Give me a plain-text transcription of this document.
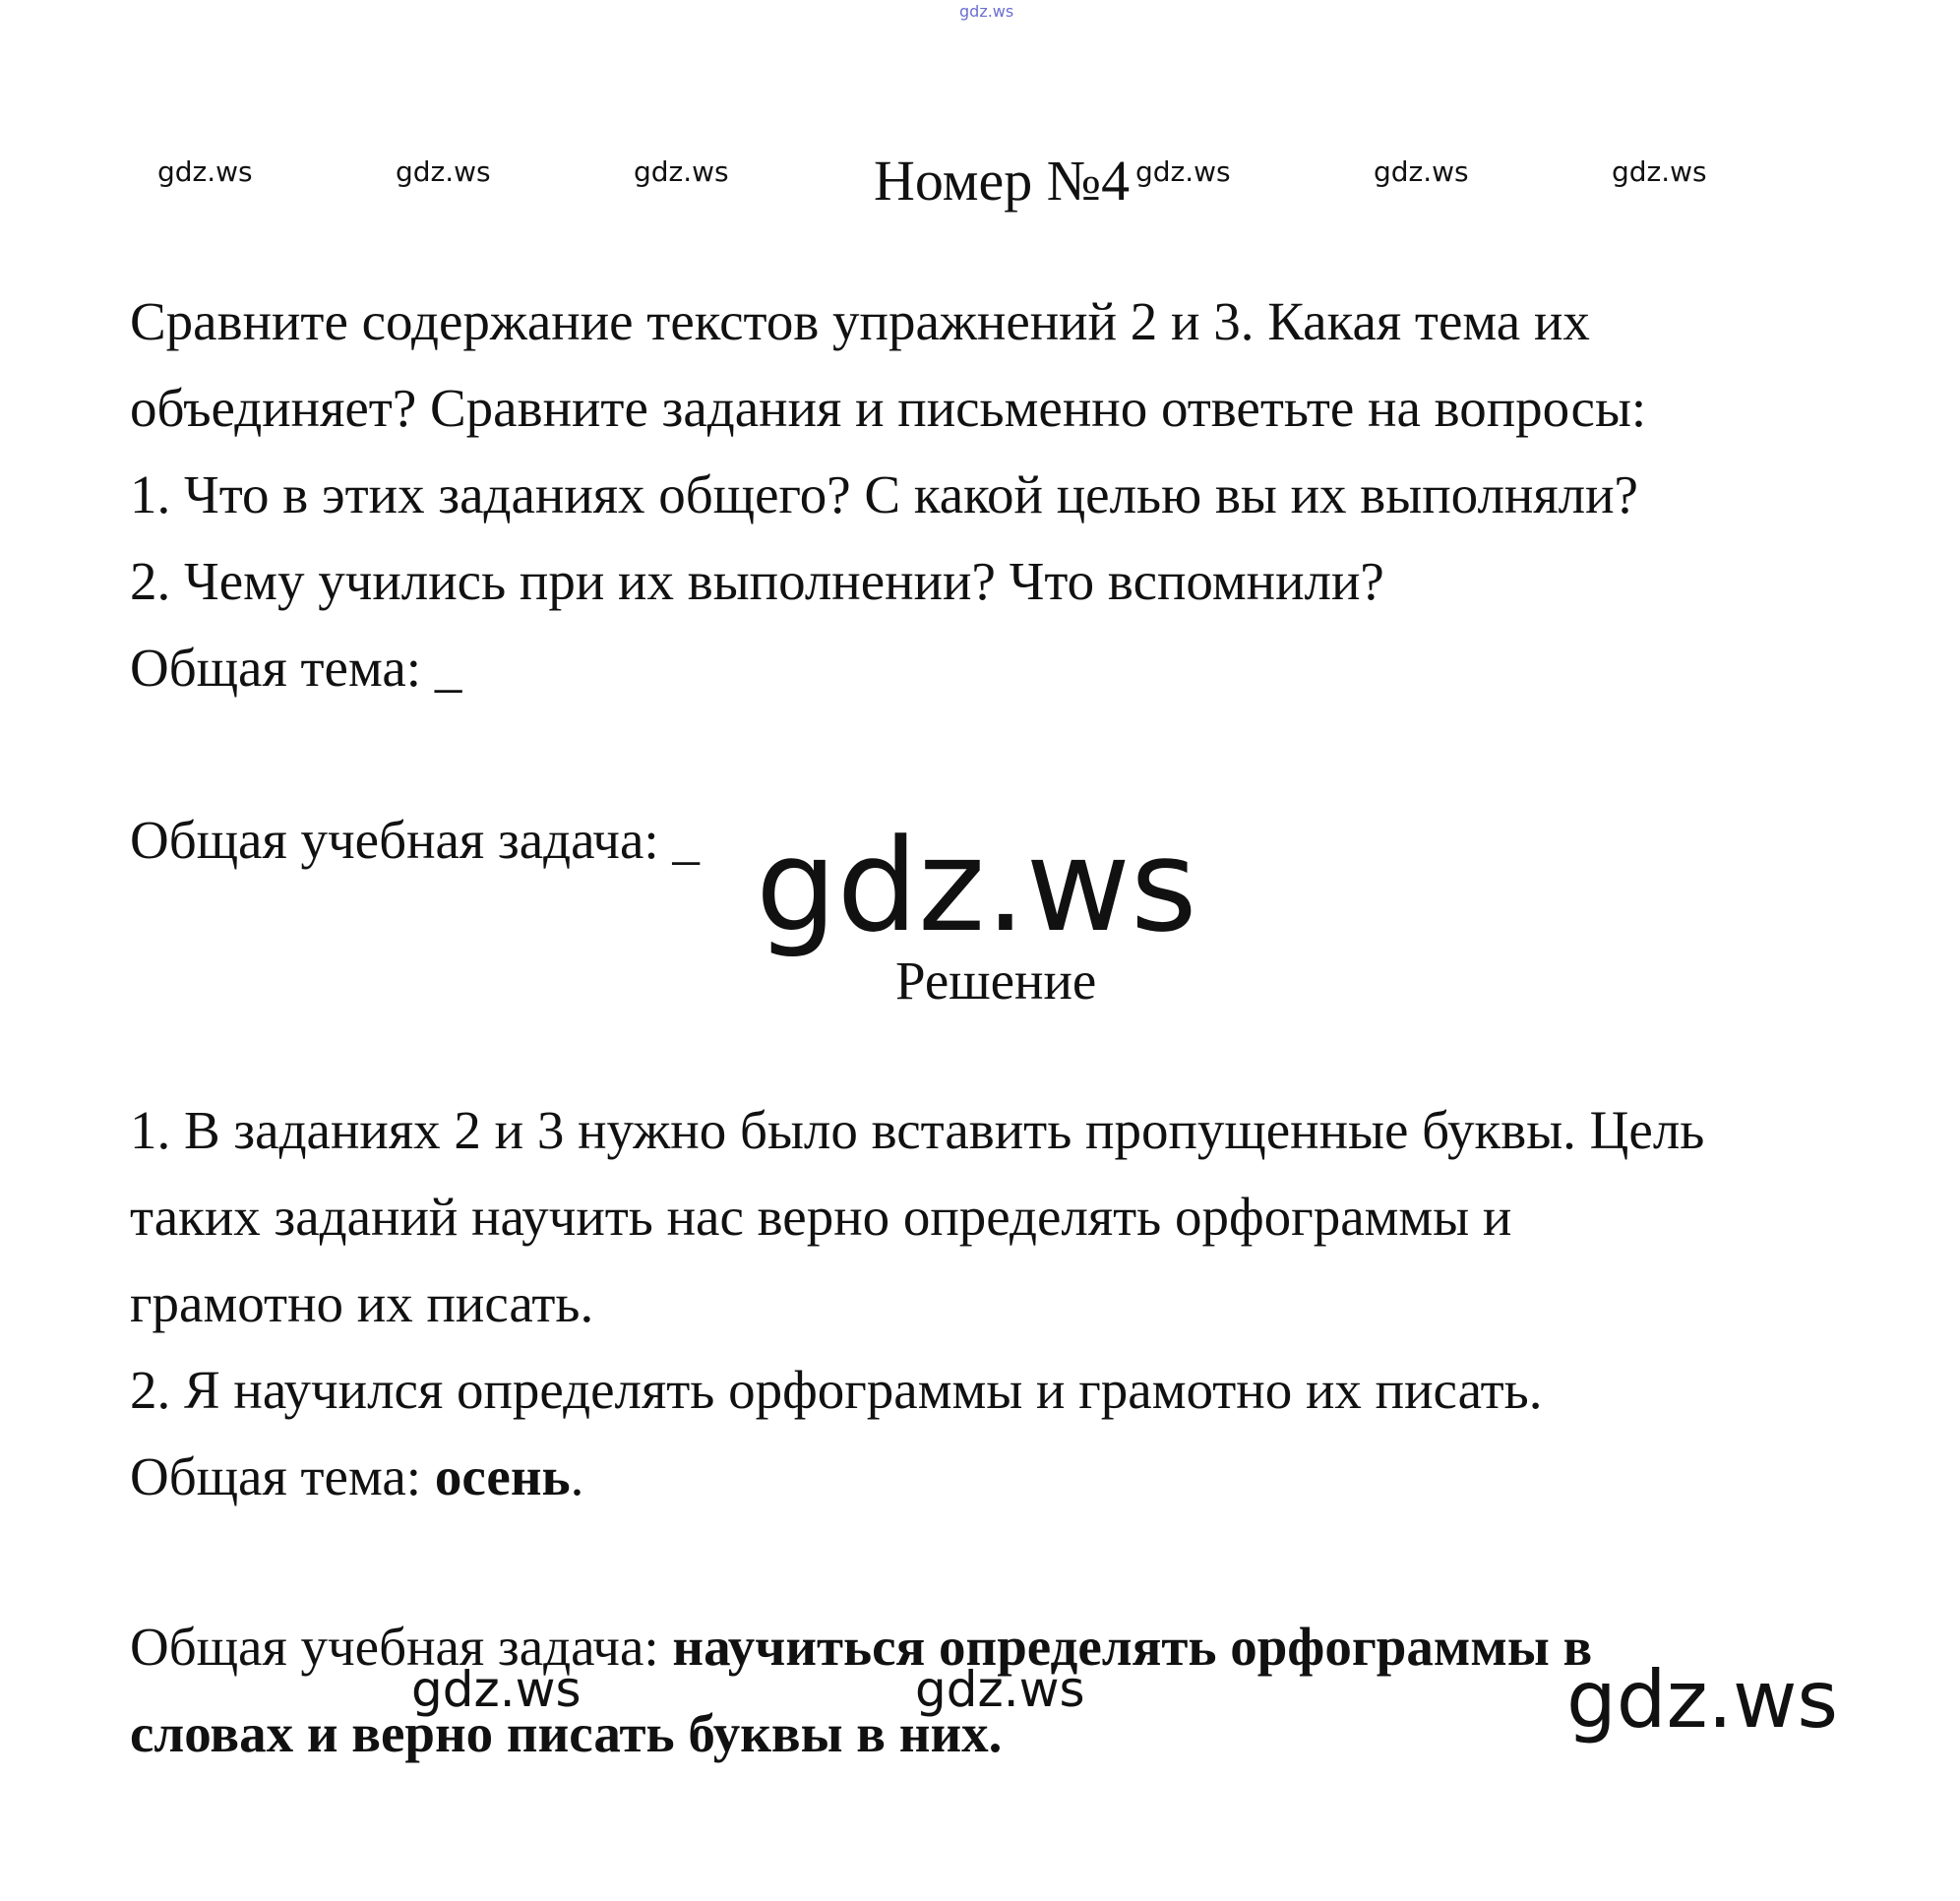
gdz.ws
gdz.ws	gdz.ws	gdz.ws	gdz.ws	gdz.ws	gdz.ws
Номер №4
Сравните содержание текстов упражнений 2 и 3. Какая тема их
объединяет? Сравните задания и письменно ответьте на вопросы:
1. Что в этих заданиях общего? С какой целью вы их выполняли?
2. Чему учились при их выполнении? Что вспомнили?
Общая тема: _
Общая учебная задача: _ gdz.ws
Решение
1. В заданиях 2 и 3 нужно было вставить пропущенные буквы. Цель
таких заданий научить нас верно определять орфограммы и
грамотно их писать.
2. Я научился определять орфограммы и грамотно их писать.
Общая тема: осень.
Общая учебная задача: научиться определять орфограммы в
словах и верно писать буквы в них.
gdz.ws	gdz.ws	gdz.ws
